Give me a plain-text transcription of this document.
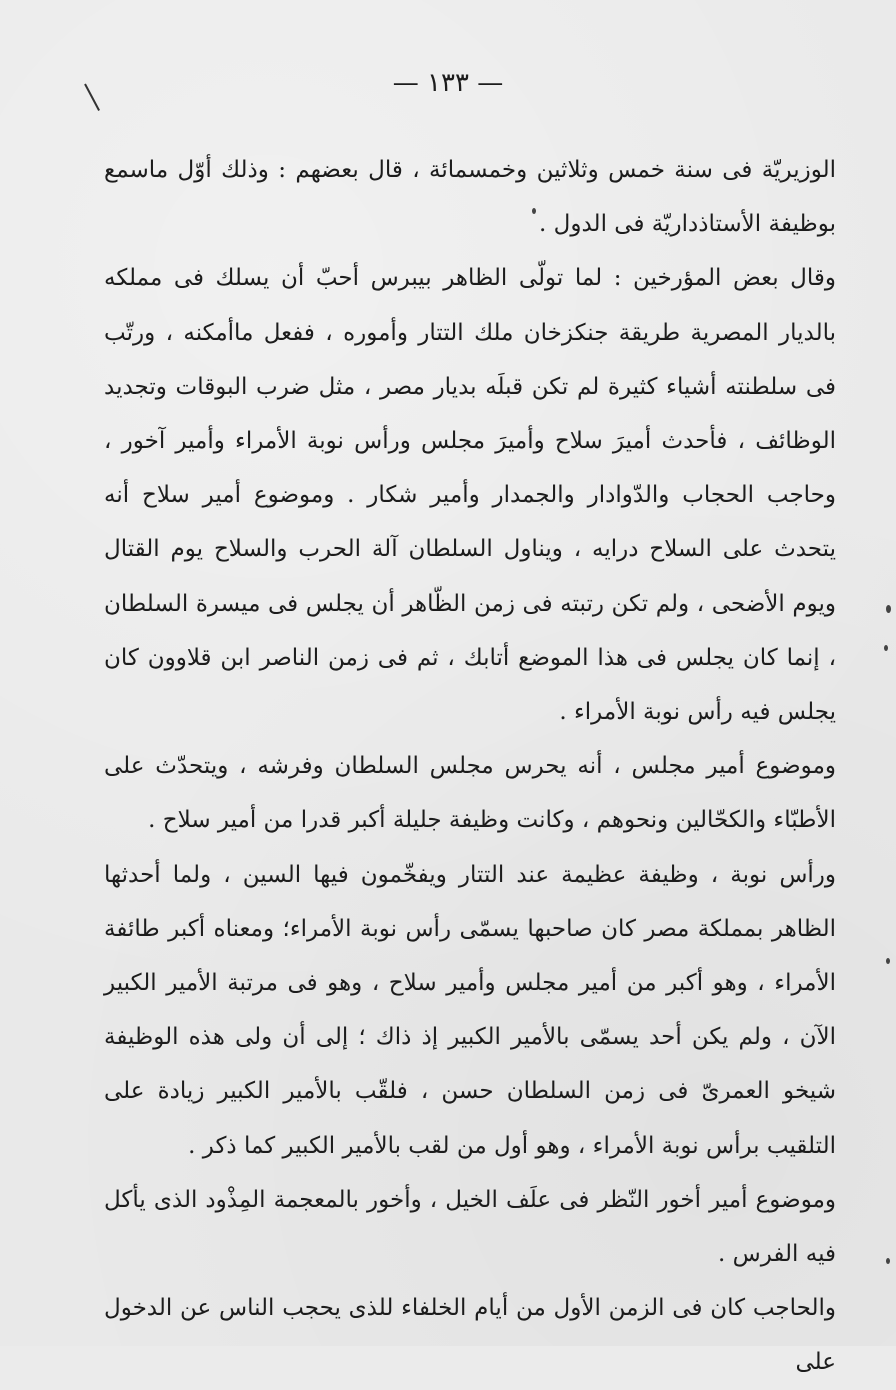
— ١٣٣ —

الوزيريّة فى سنة خمس وثلاثين وخمسمائة ، قال بعضهم : وذلك أوّل ماسمع بوظيفة الأستاذداريّة فى الدول .

وقال بعض المؤرخين : لما تولّى الظاهر بيبرس أحبّ أن يسلك فى مملكه بالديار المصرية طريقة جنكزخان ملك التتار وأموره ، ففعل ماأمكنه ، ورتّب فى سلطنته أشياء كثيرة لم تكن قبلَه بديار مصر ، مثل ضرب البوقات وتجديد الوظائف ، فأحدث أميرَ سلاح وأميرَ مجلس ورأس نوبة الأمراء وأمير آخور ، وحاجب الحجاب والدّوادار والجمدار وأمير شكار . وموضوع أمير سلاح أنه يتحدث على السلاح درايه ، ويناول السلطان آلة الحرب والسلاح يوم القتال ويوم الأضحى ، ولم تكن رتبته فى زمن الظّاهر أن يجلس فى ميسرة السلطان ، إنما كان يجلس فى هذا الموضع أتابك ، ثم فى زمن الناصر ابن قلاوون كان يجلس فيه رأس نوبة الأمراء .

وموضوع أمير مجلس ، أنه يحرس مجلس السلطان وفرشه ، ويتحدّث على الأطبّاء والكحّالين ونحوهم ، وكانت وظيفة جليلة أكبر قدرا من أمير سلاح .

ورأس نوبة ، وظيفة عظيمة عند التتار ويفخّمون فيها السين ، ولما أحدثها الظاهر بمملكة مصر كان صاحبها يسمّى رأس نوبة الأمراء؛ ومعناه أكبر طائفة الأمراء ، وهو أكبر من أمير مجلس وأمير سلاح ، وهو فى مرتبة الأمير الكبير الآن ، ولم يكن أحد يسمّى بالأمير الكبير إذ ذاك ؛ إلى أن ولى هذه الوظيفة شيخو العمرىّ فى زمن السلطان حسن ، فلقّب بالأمير الكبير زيادة على التلقيب برأس نوبة الأمراء ، وهو أول من لقب بالأمير الكبير كما ذكر .

وموضوع أمير أخور النّظر فى علَف الخيل ، وأخور بالمعجمة المِذْود الذى يأكل فيه الفرس .

والحاجب كان فى الزمن الأول من أيام الخلفاء للذى يحجب الناس عن الدخول على
